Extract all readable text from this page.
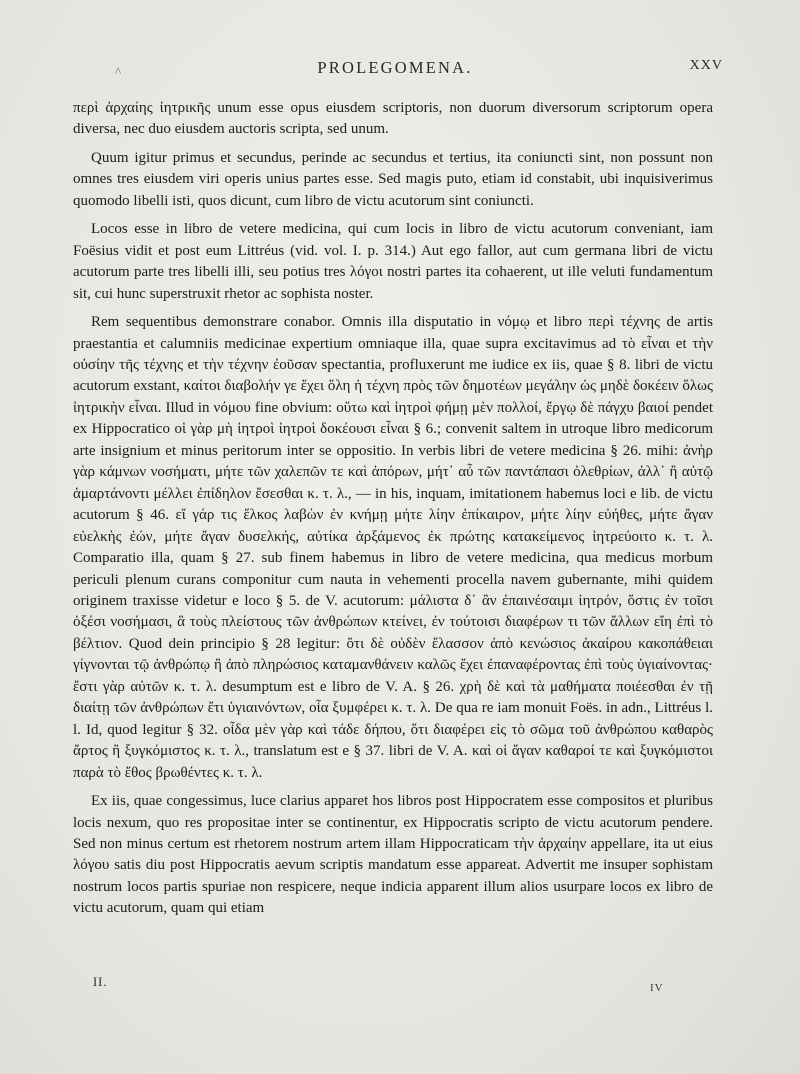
^	PROLEGOMENA.	XXV

περὶ ἀρχαίης ἰητρικῆς unum esse opus eiusdem scriptoris, non duorum diversorum scriptorum opera diversa, nec duo eiusdem auctoris scripta, sed unum.

Quum igitur primus et secundus, perinde ac secundus et tertius, ita coniuncti sint, non possunt non omnes tres eiusdem viri operis unius partes esse. Sed magis puto, etiam id constabit, ubi inquisiverimus quomodo libelli isti, quos dicunt, cum libro de victu acutorum sint coniuncti.

Locos esse in libro de vetere medicina, qui cum locis in libro de victu acutorum conveniant, iam Foësius vidit et post eum Littréus (vid. vol. I. p. 314.) Aut ego fallor, aut cum germana libri de victu acutorum parte tres libelli illi, seu potius tres λόγοι nostri partes ita cohaerent, ut ille veluti fundamentum sit, cui hunc superstruxit rhetor ac sophista noster.

Rem sequentibus demonstrare conabor. Omnis illa disputatio in νόμῳ et libro περὶ τέχνης de artis praestantia et calumniis medicinae expertium omniaque illa, quae supra excitavimus ad τὸ εἶναι et τὴν οὐσίην τῆς τέχνης et τὴν τέχνην ἐοῦσαν spectantia, profluxerunt me iudice ex iis, quae § 8. libri de victu acutorum exstant, καίτοι διαβολήν γε ἔχει ὅλη ἡ τέχνη πρὸς τῶν δημοτέων μεγάλην ὡς μηδὲ δοκέειν ὅλως ἰητρικὴν εἶναι. Illud in νόμου fine obvium: οὕτω καὶ ἰητροὶ φήμῃ μὲν πολλοί, ἔργῳ δὲ πάγχυ βαιοί pendet ex Hippocratico οἱ γὰρ μὴ ἰητροὶ ἰητροὶ δοκέουσι εἶναι § 6.; convenit saltem in utroque libro medicorum arte insignium et minus peritorum inter se oppositio. In verbis libri de vetere medicina § 26. mihi: ἀνὴρ γὰρ κάμνων νοσήματι, μήτε τῶν χαλεπῶν τε καὶ ἀπόρων, μήτ᾽ αὖ τῶν παντάπασι ὀλεθρίων, ἀλλ᾽ ἢ αὐτῷ ἁμαρτάνοντι μέλλει ἐπίδηλον ἔσεσθαι κ. τ. λ., — in his, inquam, imitationem habemus loci e lib. de victu acutorum § 46. εἴ γάρ τις ἕλκος λαβὼν ἐν κνήμῃ μήτε λίην ἐπίκαιρον, μήτε λίην εὐήθες, μήτε ἄγαν εὐελκὴς ἐών, μήτε ἄγαν δυσελκής, αὐτίκα ἀρξάμενος ἐκ πρώτης κατακείμενος ἰητρεύοιτο κ. τ. λ. Comparatio illa, quam § 27. sub finem habemus in libro de vetere medicina, qua medicus morbum periculi plenum curans componitur cum nauta in vehementi procella navem gubernante, mihi quidem originem traxisse videtur e loco § 5. de V. acutorum: μάλιστα δ᾽ ἂν ἐπαινέσαιμι ἰητρόν, ὅστις ἐν τοῖσι ὀξέσι νοσήμασι, ἃ τοὺς πλείστους τῶν ἀνθρώπων κτείνει, ἐν τούτοισι διαφέρων τι τῶν ἄλλων εἴη ἐπὶ τὸ βέλτιον. Quod dein principio § 28 legitur: ὅτι δὲ οὐδὲν ἔλασσον ἀπὸ κενώσιος ἀκαίρου κακοπάθειαι γίγνονται τῷ ἀνθρώπῳ ἢ ἀπὸ πληρώσιος καταμανθάνειν καλῶς ἔχει ἐπαναφέροντας ἐπὶ τοὺς ὑγιαίνοντας· ἔστι γὰρ αὐτῶν κ. τ. λ. desumptum est e libro de V. A. § 26. χρὴ δὲ καὶ τὰ μαθήματα ποιέεσθαι ἐν τῇ διαίτῃ τῶν ἀνθρώπων ἔτι ὑγιαινόντων, οἷα ξυμφέρει κ. τ. λ. De qua re iam monuit Foës. in adn., Littréus l. l. Id, quod legitur § 32. οἶδα μὲν γὰρ καὶ τάδε δήπου, ὅτι διαφέρει εἰς τὸ σῶμα τοῦ ἀνθρώπου καθαρὸς ἄρτος ἢ ξυγκόμιστος κ. τ. λ., translatum est e § 37. libri de V. A. καὶ οἱ ἄγαν καθαροί τε καὶ ξυγκόμιστοι παρὰ τὸ ἔθος βρωθέντες κ. τ. λ.

Ex iis, quae congessimus, luce clarius apparet hos libros post Hippocratem esse compositos et pluribus locis nexum, quo res propositae inter se continentur, ex Hippocratis scripto de victu acutorum pendere. Sed non minus certum est rhetorem nostrum artem illam Hippocraticam τὴν ἀρχαίην appellare, ita ut eius λόγου satis diu post Hippocratis aevum scriptis mandatum esse appareat. Advertit me insuper sophistam nostrum locos partis spuriae non respicere, neque indicia apparent illum alios usurpare locos ex libro de victu acutorum, quam qui etiam

II.	IV
